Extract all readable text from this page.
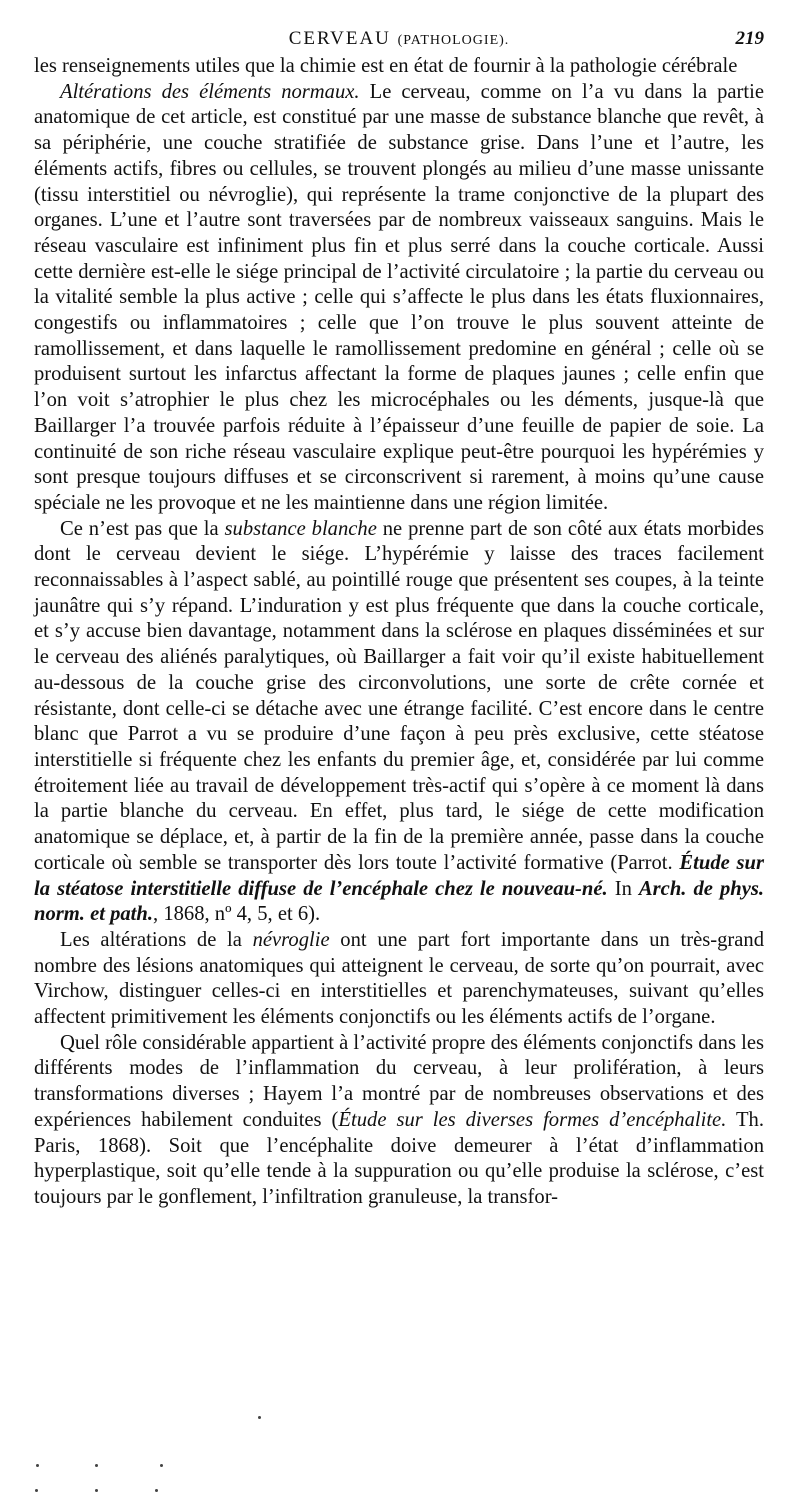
CERVEAU (PATHOLOGIE).	219

les renseignements utiles que la chimie est en état de fournir à la pathologie cérébrale

Altérations des éléments normaux. Le cerveau, comme on l’a vu dans la partie anatomique de cet article, est constitué par une masse de substance blanche que revêt, à sa périphérie, une couche stratifiée de substance grise. Dans l’une et l’autre, les éléments actifs, fibres ou cellules, se trouvent plongés au milieu d’une masse unissante (tissu interstitiel ou névroglie), qui représente la trame conjonctive de la plupart des organes. L’une et l’autre sont traversées par de nombreux vaisseaux sanguins. Mais le réseau vasculaire est infiniment plus fin et plus serré dans la couche corticale. Aussi cette dernière est-elle le siége principal de l’activité circulatoire ; la partie du cerveau ou la vitalité semble la plus active ; celle qui s’affecte le plus dans les états fluxionnaires, congestifs ou inflammatoires ; celle que l’on trouve le plus souvent atteinte de ramollissement, et dans laquelle le ramollissement predomine en général ; celle où se produisent surtout les infarctus affectant la forme de plaques jaunes ; celle enfin que l’on voit s’atrophier le plus chez les microcéphales ou les déments, jusque-là que Baillarger l’a trouvée parfois réduite à l’épaisseur d’une feuille de papier de soie. La continuité de son riche réseau vasculaire explique peut-être pourquoi les hypérémies y sont presque toujours diffuses et se circonscrivent si rarement, à moins qu’une cause spéciale ne les provoque et ne les maintienne dans une région limitée.

Ce n’est pas que la substance blanche ne prenne part de son côté aux états morbides dont le cerveau devient le siége. L’hypérémie y laisse des traces facilement reconnaissables à l’aspect sablé, au pointillé rouge que présentent ses coupes, à la teinte jaunâtre qui s’y répand. L’induration y est plus fréquente que dans la couche corticale, et s’y accuse bien davantage, notamment dans la sclérose en plaques disséminées et sur le cerveau des aliénés paralytiques, où Baillarger a fait voir qu’il existe habituellement au-dessous de la couche grise des circonvolutions, une sorte de crête cornée et résistante, dont celle-ci se détache avec une étrange facilité. C’est encore dans le centre blanc que Parrot a vu se produire d’une façon à peu près exclusive, cette stéatose interstitielle si fréquente chez les enfants du premier âge, et, considérée par lui comme étroitement liée au travail de développement très-actif qui s’opère à ce moment là dans la partie blanche du cerveau. En effet, plus tard, le siége de cette modification anatomique se déplace, et, à partir de la fin de la première année, passe dans la couche corticale où semble se transporter dès lors toute l’activité formative (Parrot. Étude sur la stéatose interstitielle diffuse de l’encéphale chez le nouveau-né. In Arch. de phys. norm. et path., 1868, nº 4, 5, et 6).

Les altérations de la névroglie ont une part fort importante dans un très-grand nombre des lésions anatomiques qui atteignent le cerveau, de sorte qu’on pourrait, avec Virchow, distinguer celles-ci en interstitielles et parenchymateuses, suivant qu’elles affectent primitivement les éléments conjonctifs ou les éléments actifs de l’organe.

Quel rôle considérable appartient à l’activité propre des éléments conjonctifs dans les différents modes de l’inflammation du cerveau, à leur prolifération, à leurs transformations diverses ; Hayem l’a montré par de nombreuses observations et des expériences habilement conduites (Étude sur les diverses formes d’encéphalite. Th. Paris, 1868). Soit que l’encéphalite doive demeurer à l’état d’inflammation hyperplastique, soit qu’elle tende à la suppuration ou qu’elle produise la sclérose, c’est toujours par le gonflement, l’infiltration granuleuse, la transfor-
